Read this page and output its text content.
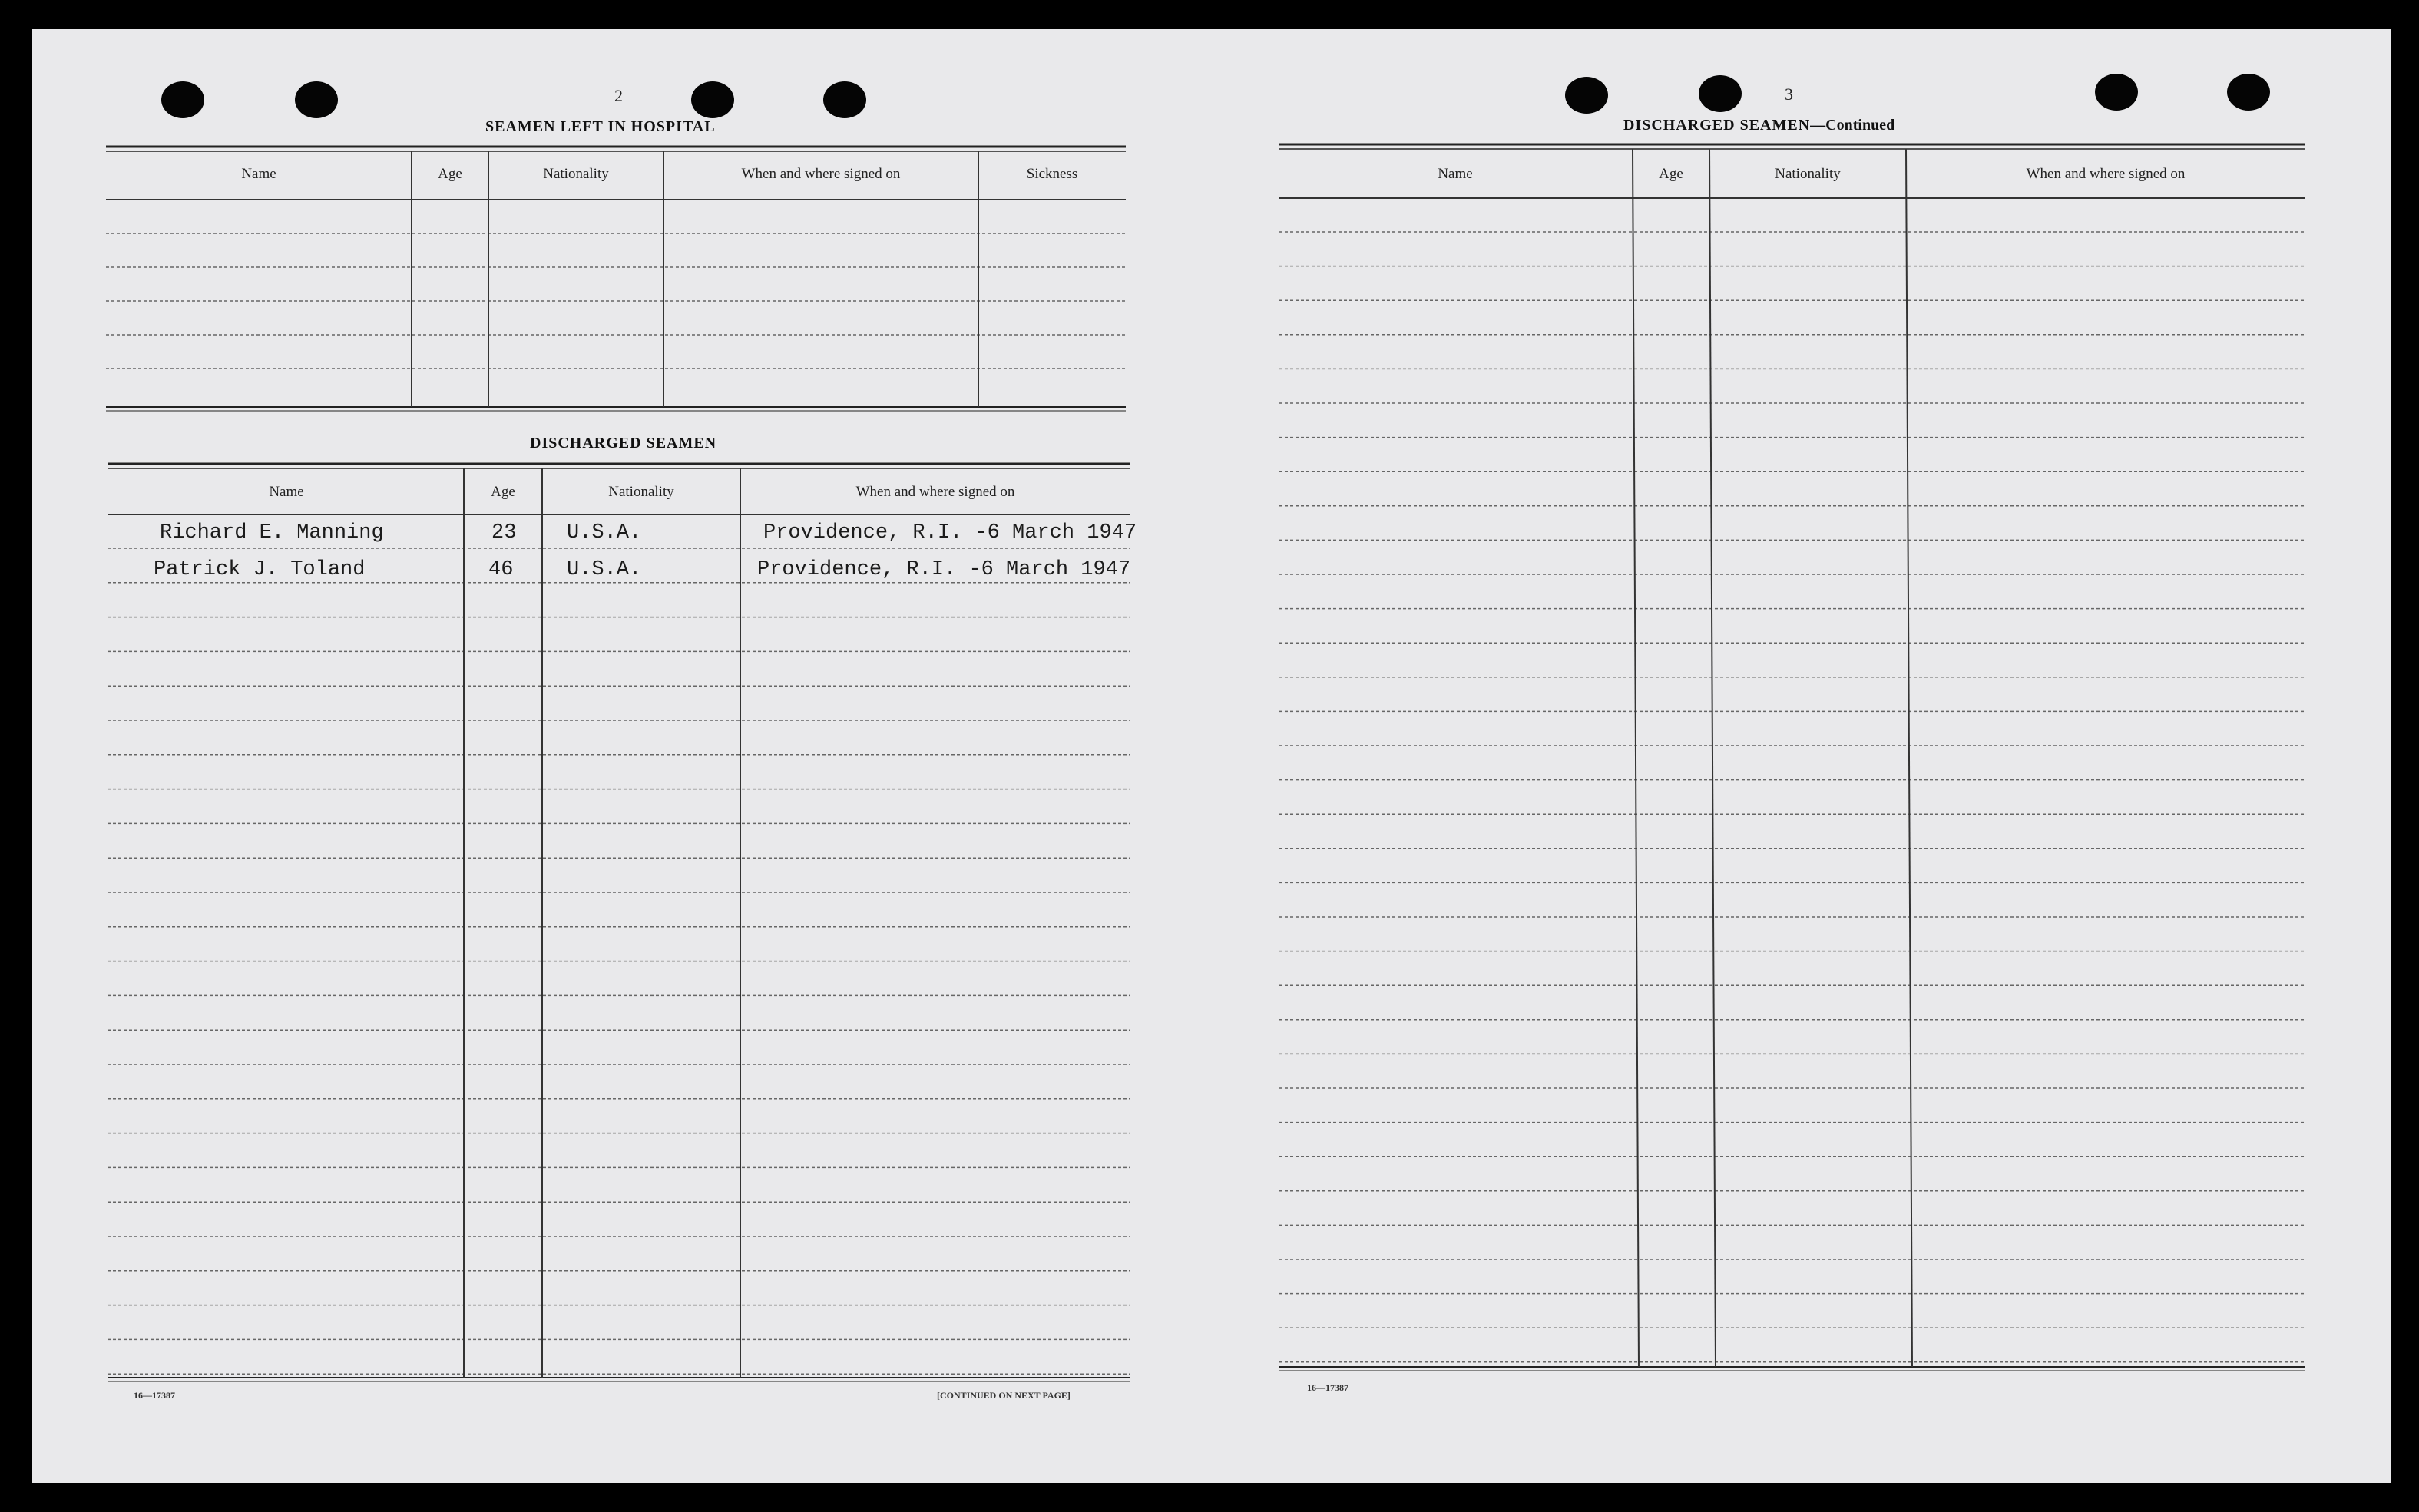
2
SEAMEN LEFT IN HOSPITAL
Name	Age	Nationality	When and where signed on	Sickness
DISCHARGED SEAMEN
Name	Age	Nationality	When and where signed on
Richard E. Manning	23 U.S.A.	Providence, R.I. -6 March 1947
Patrick J. Toland	46	U.S.A.	Providence, R.I. -6 March 1947
16—17387	[CONTINUED ON NEXT PAGE]
3
DISCHARGED SEAMEN—Continued
Name	Age	Nationality	When and where signed on
16—17387
